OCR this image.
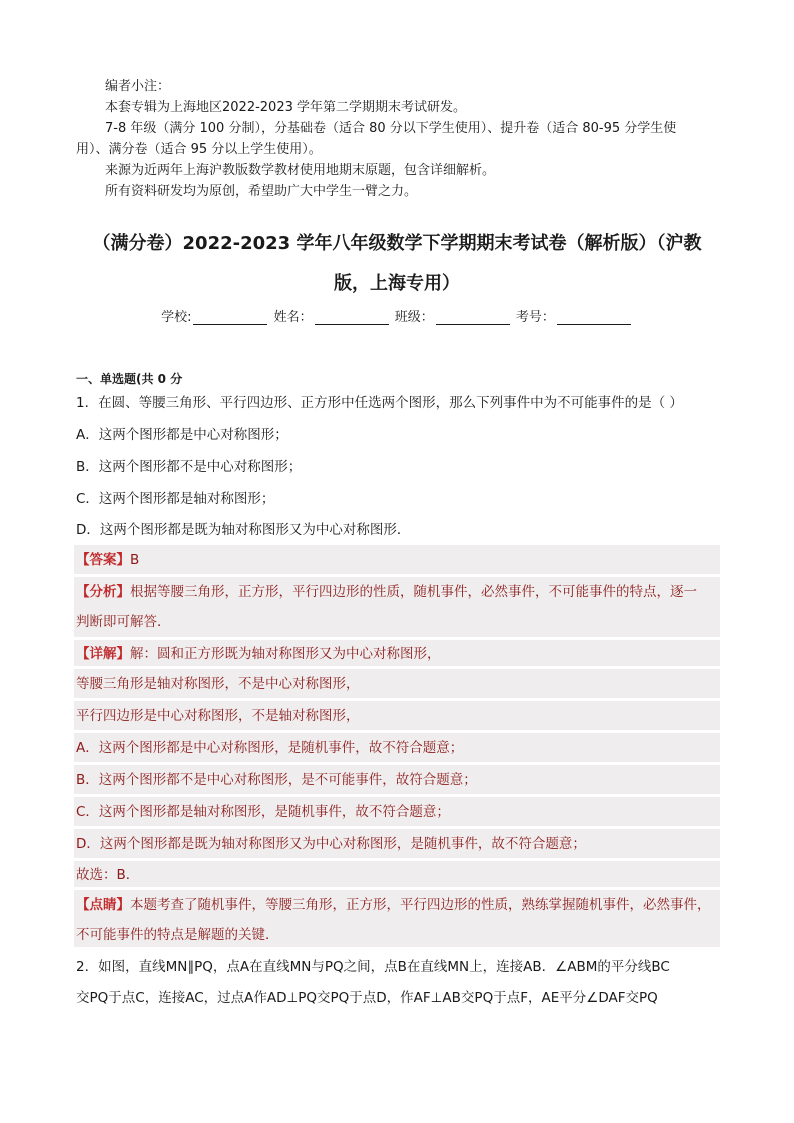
编者小注：
本套专辑为上海地区2022-2023 学年第二学期期末考试研发。
7-8 年级（满分 100 分制），分基础卷（适合 80 分以下学生使用）、提升卷（适合 80-95 分学生使
用）、满分卷（适合 95 分以上学生使用）。
来源为近两年上海沪教版数学教材使用地期末原题，包含详细解析。
所有资料研发均为原创，希望助广大中学生一臂之力。
（满分卷）2022-2023 学年八年级数学下学期期末考试卷（解析版）（沪教
版，上海专用）
学校:	姓名：	班级：	考号：
一、单选题(共 0 分
1．在圆、等腰三角形、平行四边形、正方形中任选两个图形，那么下列事件中为不可能事件的是（ ）
A．这两个图形都是中心对称图形；
B．这两个图形都不是中心对称图形；
C．这两个图形都是轴对称图形；
D．这两个图形都是既为轴对称图形又为中心对称图形．
【答案】B
【分析】根据等腰三角形，正方形，平行四边形的性质，随机事件，必然事件，不可能事件的特点，逐一
判断即可解答．
【详解】解：圆和正方形既为轴对称图形又为中心对称图形，
等腰三角形是轴对称图形，不是中心对称图形，
平行四边形是中心对称图形，不是轴对称图形，
A．这两个图形都是中心对称图形，是随机事件，故不符合题意；
B．这两个图形都不是中心对称图形，是不可能事件，故符合题意；
C．这两个图形都是轴对称图形，是随机事件，故不符合题意；
D．这两个图形都是既为轴对称图形又为中心对称图形，是随机事件，故不符合题意；
故选：B．
【点睛】本题考查了随机事件，等腰三角形，正方形，平行四边形的性质，熟练掌握随机事件，必然事件，
不可能事件的特点是解题的关键．
2．如图，直线MN∥PQ，点A在直线MN与PQ之间，点B在直线MN上，连接AB．∠ABM的平分线BC
交PQ于点C，连接AC，过点A作AD⊥PQ交PQ于点D，作AF⊥AB交PQ于点F，AE平分∠DAF交PQ
